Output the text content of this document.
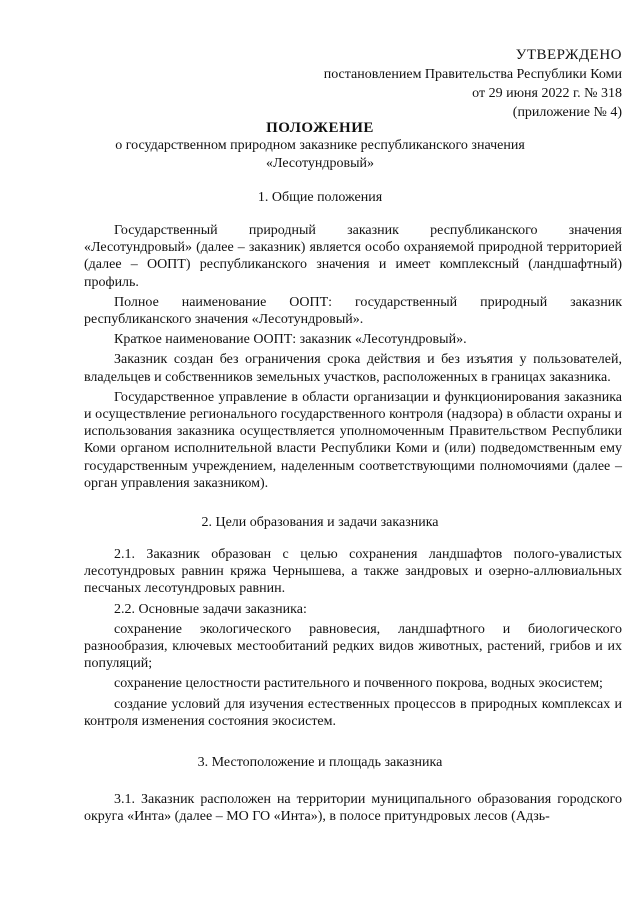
УТВЕРЖДЕНО
постановлением Правительства Республики Коми
от 29 июня 2022 г. № 318
(приложение № 4)
ПОЛОЖЕНИЕ
о государственном природном заказнике республиканского значения
«Лесотундровый»
1. Общие положения

Государственный природный заказник республиканского значения «Лесотундровый» (далее – заказник) является особо охраняемой природной территорией (далее – ООПТ) республиканского значения и имеет комплексный (ландшафтный) профиль.

Полное наименование ООПТ: государственный природный заказник республиканского значения «Лесотундровый».

Краткое наименование ООПТ: заказник «Лесотундровый».

Заказник создан без ограничения срока действия и без изъятия у пользователей, владельцев и собственников земельных участков, расположенных в границах заказника.

Государственное управление в области организации и функционирования заказника и осуществление регионального государственного контроля (надзора) в области охраны и использования заказника осуществляется уполномоченным Правительством Республики Коми органом исполнительной власти Республики Коми и (или) подведомственным ему государственным учреждением, наделенным соответствующими полномочиями (далее – орган управления заказником).

2. Цели образования и задачи заказника

2.1. Заказник образован с целью сохранения ландшафтов полого-увалистых лесотундровых равнин кряжа Чернышева, а также зандровых и озерно-аллювиальных песчаных лесотундровых равнин.

2.2. Основные задачи заказника:

сохранение экологического равновесия, ландшафтного и биологического разнообразия, ключевых местообитаний редких видов животных, растений, грибов и их популяций;

сохранение целостности растительного и почвенного покрова, водных экосистем;

создание условий для изучения естественных процессов в природных комплексах и контроля изменения состояния экосистем.

3. Местоположение и площадь заказника

3.1. Заказник расположен на территории муниципального образования городского округа «Инта» (далее – МО ГО «Инта»), в полосе притундровых лесов (Адзь-
